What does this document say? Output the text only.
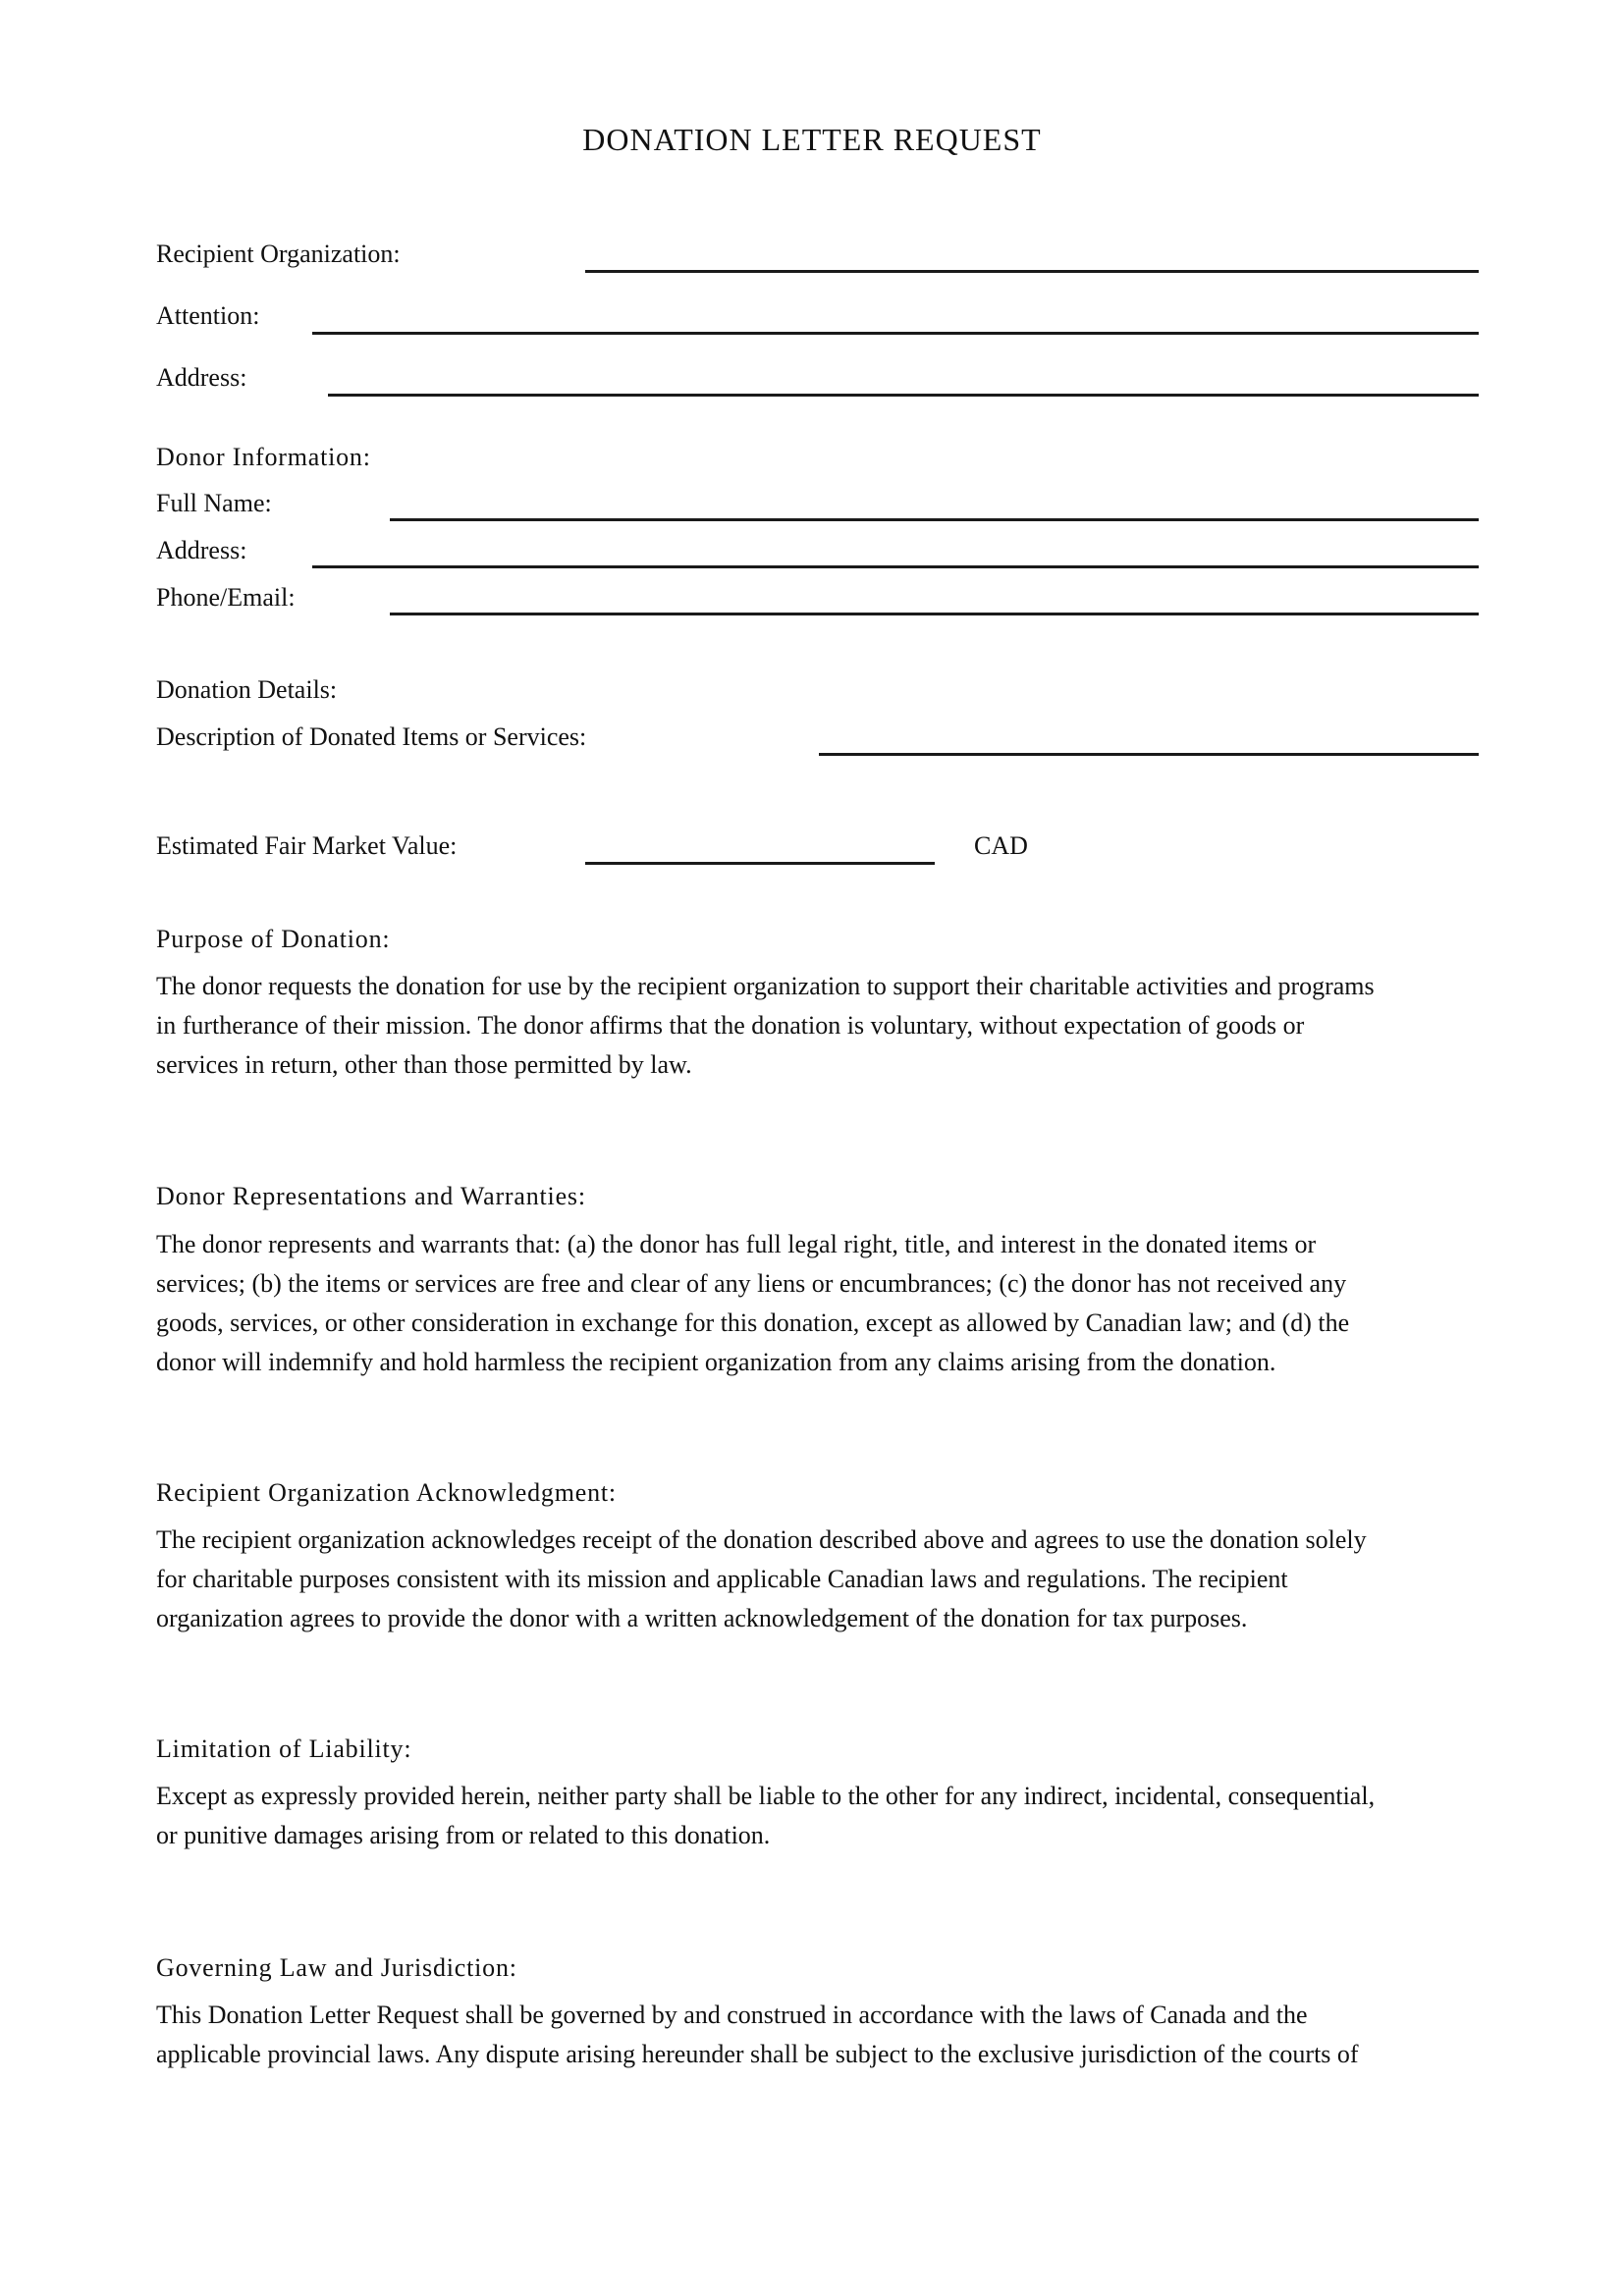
DONATION LETTER REQUEST
Recipient Organization:
Attention:
Address:
Donor Information:
Full Name:
Address:
Phone/Email:
Donation Details:
Description of Donated Items or Services:
Estimated Fair Market Value:	CAD
Purpose of Donation:
The donor requests the donation for use by the recipient organization to support their charitable activities and programs
in furtherance of their mission. The donor affirms that the donation is voluntary, without expectation of goods or
services in return, other than those permitted by law.
Donor Representations and Warranties:
The donor represents and warrants that: (a) the donor has full legal right, title, and interest in the donated items or
services; (b) the items or services are free and clear of any liens or encumbrances; (c) the donor has not received any
goods, services, or other consideration in exchange for this donation, except as allowed by Canadian law; and (d) the
donor will indemnify and hold harmless the recipient organization from any claims arising from the donation.
Recipient Organization Acknowledgment:
The recipient organization acknowledges receipt of the donation described above and agrees to use the donation solely
for charitable purposes consistent with its mission and applicable Canadian laws and regulations. The recipient
organization agrees to provide the donor with a written acknowledgement of the donation for tax purposes.
Limitation of Liability:
Except as expressly provided herein, neither party shall be liable to the other for any indirect, incidental, consequential,
or punitive damages arising from or related to this donation.
Governing Law and Jurisdiction:
This Donation Letter Request shall be governed by and construed in accordance with the laws of Canada and the
applicable provincial laws. Any dispute arising hereunder shall be subject to the exclusive jurisdiction of the courts of
